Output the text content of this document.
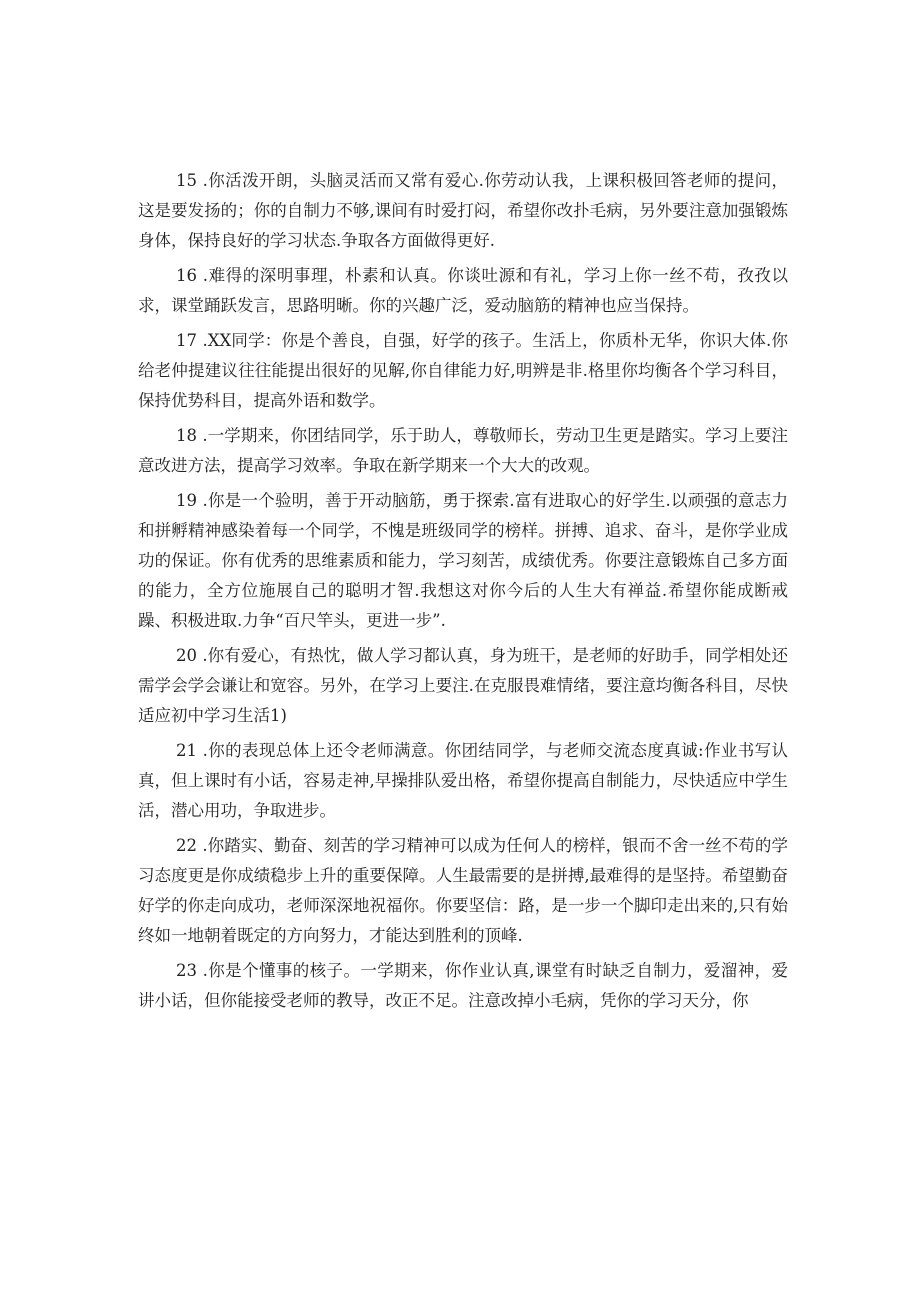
15 .你活泼开朗，头脑灵活而又常有爱心.你劳动认我，上课积极回答老师的提问，这是要发扬的；你的自制力不够,课间有时爱打闷，希望你改扑毛病，另外要注意加强锻炼身体，保持良好的学习状态.争取各方面做得更好.

16 .难得的深明事理，朴素和认真。你谈吐源和有礼，学习上你一丝不苟，孜孜以求，课堂踊跃发言，思路明晰。你的兴趣广泛，爱动脑筋的精神也应当保持。

17 .XX同学：你是个善良，自强，好学的孩子。生活上，你质朴无华，你识大体.你给老仲提建议往往能提出很好的见解,你自律能力好,明辨是非.格里你均衡各个学习科目，保持优势科目，提高外语和数学。

18 .一学期来，你团结同学，乐于助人，尊敬师长，劳动卫生更是踏实。学习上要注意改进方法，提高学习效率。争取在新学期来一个大大的改观。

19 .你是一个验明，善于开动脑筋，勇于探索.富有进取心的好学生.以顽强的意志力和拼孵精神感染着每一个同学，不愧是班级同学的榜样。拼搏、追求、奋斗，是你学业成功的保证。你有优秀的思维素质和能力，学习刻苦，成绩优秀。你要注意锻炼自己多方面的能力，全方位施展自己的聪明才智.我想这对你今后的人生大有禅益.希望你能成断戒躁、积极进取.力争“百尺竿头，更进一步”.

20 .你有爱心，有热忱，做人学习都认真，身为班干，是老师的好助手，同学相处还需学会学会谦让和宽容。另外，在学习上要注.在克服畏难情绪，要注意均衡各科目，尽快适应初中学习生活1)

21 .你的表现总体上还令老师满意。你团结同学，与老师交流态度真诚:作业书写认真，但上课时有小话，容易走神,早操排队爱出格，希望你提高自制能力，尽快适应中学生活，潜心用功，争取进步。

22 .你踏实、勤奋、刻苦的学习精神可以成为任何人的榜样，银而不舍一丝不苟的学习态度更是你成绩稳步上升的重要保障。人生最需要的是拼搏,最难得的是坚持。希望勤奋好学的你走向成功，老师深深地祝福你。你要坚信：路，是一步一个脚印走出来的,只有始终如一地朝着既定的方向努力，才能达到胜利的顶峰.

23 .你是个懂事的核子。一学期来，你作业认真,课堂有时缺乏自制力，爱溜神，爱讲小话，但你能接受老师的教导，改正不足。注意改掉小毛病，凭你的学习天分，你
